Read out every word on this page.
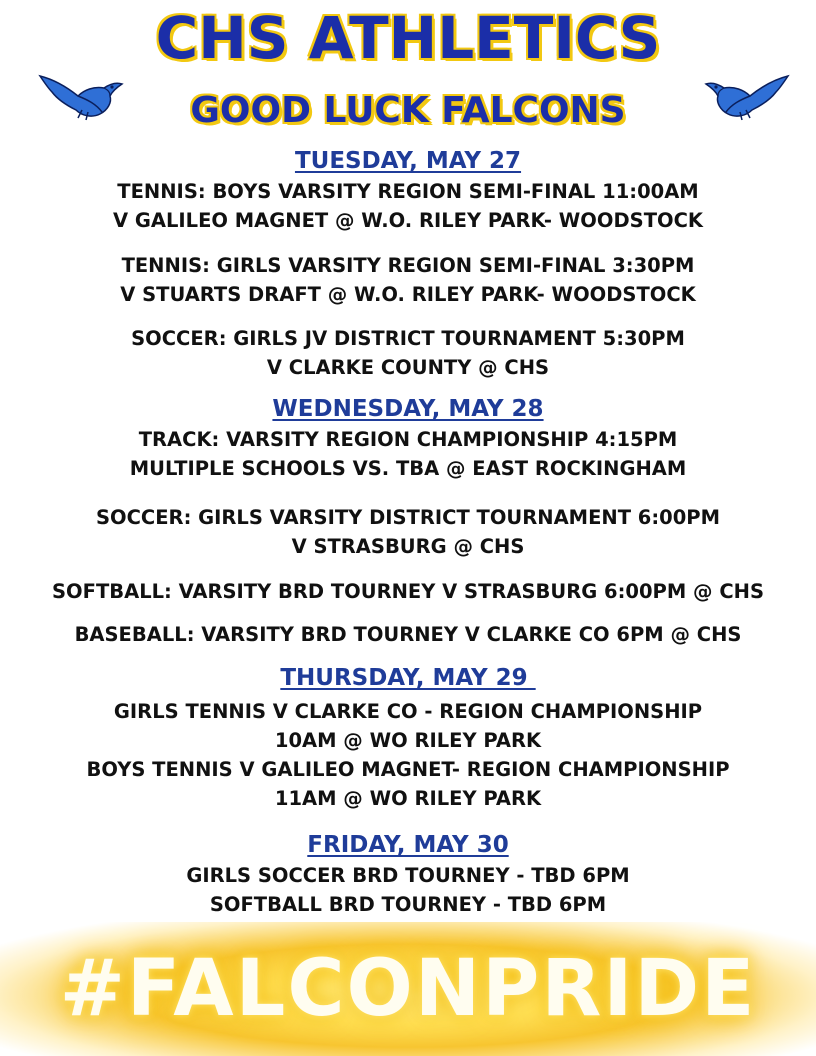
CHS ATHLETICS
GOOD LUCK FALCONS
TUESDAY, MAY 27
TENNIS: BOYS VARSITY REGION SEMI-FINAL 11:00AM
V GALILEO MAGNET @ W.O. RILEY PARK- WOODSTOCK
TENNIS: GIRLS VARSITY REGION SEMI-FINAL 3:30PM
V STUARTS DRAFT @ W.O. RILEY PARK- WOODSTOCK
SOCCER: GIRLS JV DISTRICT TOURNAMENT 5:30PM
V CLARKE COUNTY @ CHS
WEDNESDAY, MAY 28
TRACK: VARSITY REGION CHAMPIONSHIP 4:15PM
MULTIPLE SCHOOLS VS. TBA @ EAST ROCKINGHAM
SOCCER: GIRLS VARSITY DISTRICT TOURNAMENT 6:00PM
V STRASBURG @ CHS
SOFTBALL: VARSITY BRD TOURNEY V STRASBURG 6:00PM @ CHS
BASEBALL: VARSITY BRD TOURNEY V CLARKE CO 6PM @ CHS
THURSDAY, MAY 29
GIRLS TENNIS V CLARKE CO - REGION CHAMPIONSHIP
10AM @ WO RILEY PARK
BOYS TENNIS V GALILEO MAGNET- REGION CHAMPIONSHIP
11AM @ WO RILEY PARK
FRIDAY, MAY 30
GIRLS SOCCER BRD TOURNEY - TBD 6PM
SOFTBALL BRD TOURNEY - TBD 6PM
#FALCONPRIDE
